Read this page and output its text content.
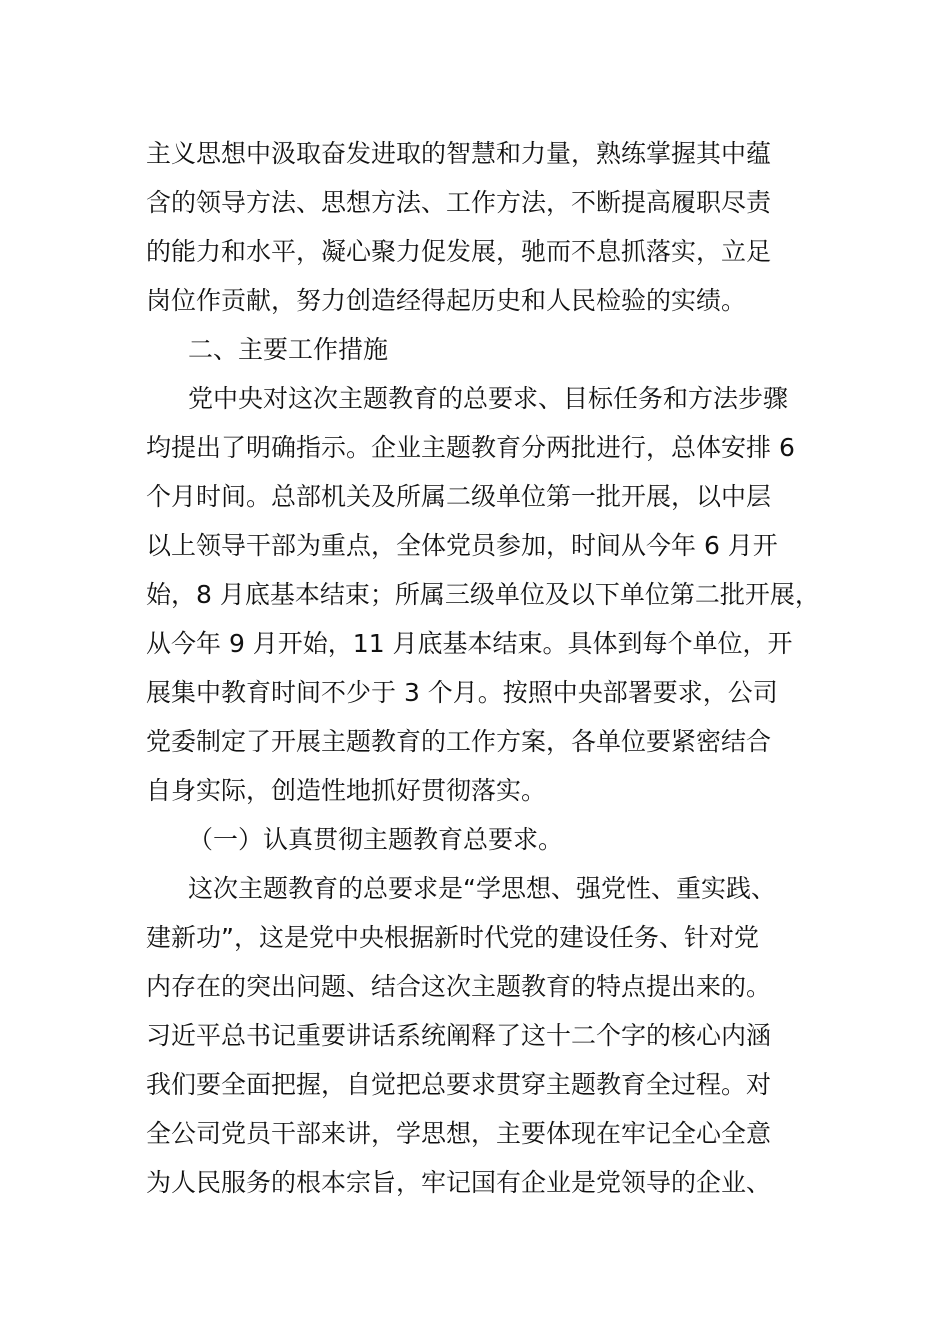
主义思想中汲取奋发进取的智慧和力量，熟练掌握其中蕴
含的领导方法、思想方法、工作方法，不断提高履职尽责
的能力和水平，凝心聚力促发展，驰而不息抓落实，立足
岗位作贡献，努力创造经得起历史和人民检验的实绩。
二、主要工作措施
党中央对这次主题教育的总要求、目标任务和方法步骤
均提出了明确指示。企业主题教育分两批进行，总体安排 6
个月时间。总部机关及所属二级单位第一批开展，以中层
以上领导干部为重点，全体党员参加，时间从今年 6 月开
始，8 月底基本结束；所属三级单位及以下单位第二批开展，
从今年 9 月开始，11 月底基本结束。具体到每个单位，开
展集中教育时间不少于 3 个月。按照中央部署要求，公司
党委制定了开展主题教育的工作方案，各单位要紧密结合
自身实际，创造性地抓好贯彻落实。
（一）认真贯彻主题教育总要求。
这次主题教育的总要求是“学思想、强党性、重实践、
建新功”，这是党中央根据新时代党的建设任务、针对党
内存在的突出问题、结合这次主题教育的特点提出来的。
习近平总书记重要讲话系统阐释了这十二个字的核心内涵
我们要全面把握，自觉把总要求贯穿主题教育全过程。对
全公司党员干部来讲，学思想，主要体现在牢记全心全意
为人民服务的根本宗旨，牢记国有企业是党领导的企业、
